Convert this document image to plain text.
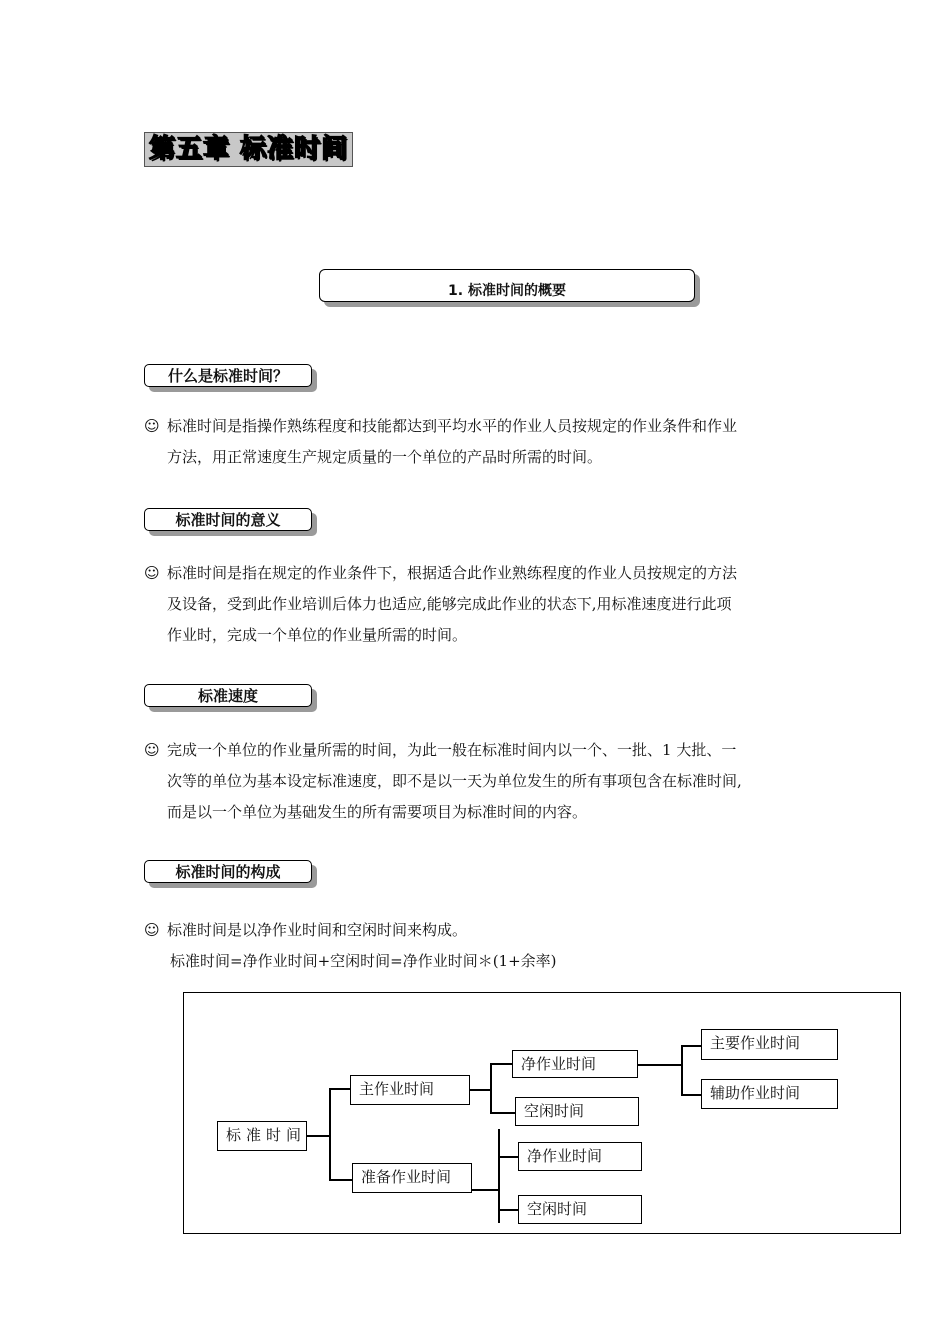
第五章 标准时间
1. 标准时间的概要
什么是标准时间？
☺ 标准时间是指操作熟练程度和技能都达到平均水平的作业人员按规定的作业条件和作业
方法，用正常速度生产规定质量的一个单位的产品时所需的时间。
标准时间的意义
☺ 标准时间是指在规定的作业条件下，根据适合此作业熟练程度的作业人员按规定的方法
及设备，受到此作业培训后体力也适应,能够完成此作业的状态下,用标准速度进行此项
作业时，完成一个单位的作业量所需的时间。
标准速度
☺ 完成一个单位的作业量所需的时间，为此一般在标准时间内以一个、一批、1 大批、一
次等的单位为基本设定标准速度，即不是以一天为单位发生的所有事项包含在标准时间,
而是以一个单位为基础发生的所有需要项目为标准时间的内容。
标准时间的构成
☺ 标准时间是以净作业时间和空闲时间来构成。
标准时间=净作业时间+空闲时间=净作业时间＊(1+余率)
标准时间
主作业时间
准备作业时间
净作业时间
空闲时间
主要作业时间
辅助作业时间
净作业时间
空闲时间
